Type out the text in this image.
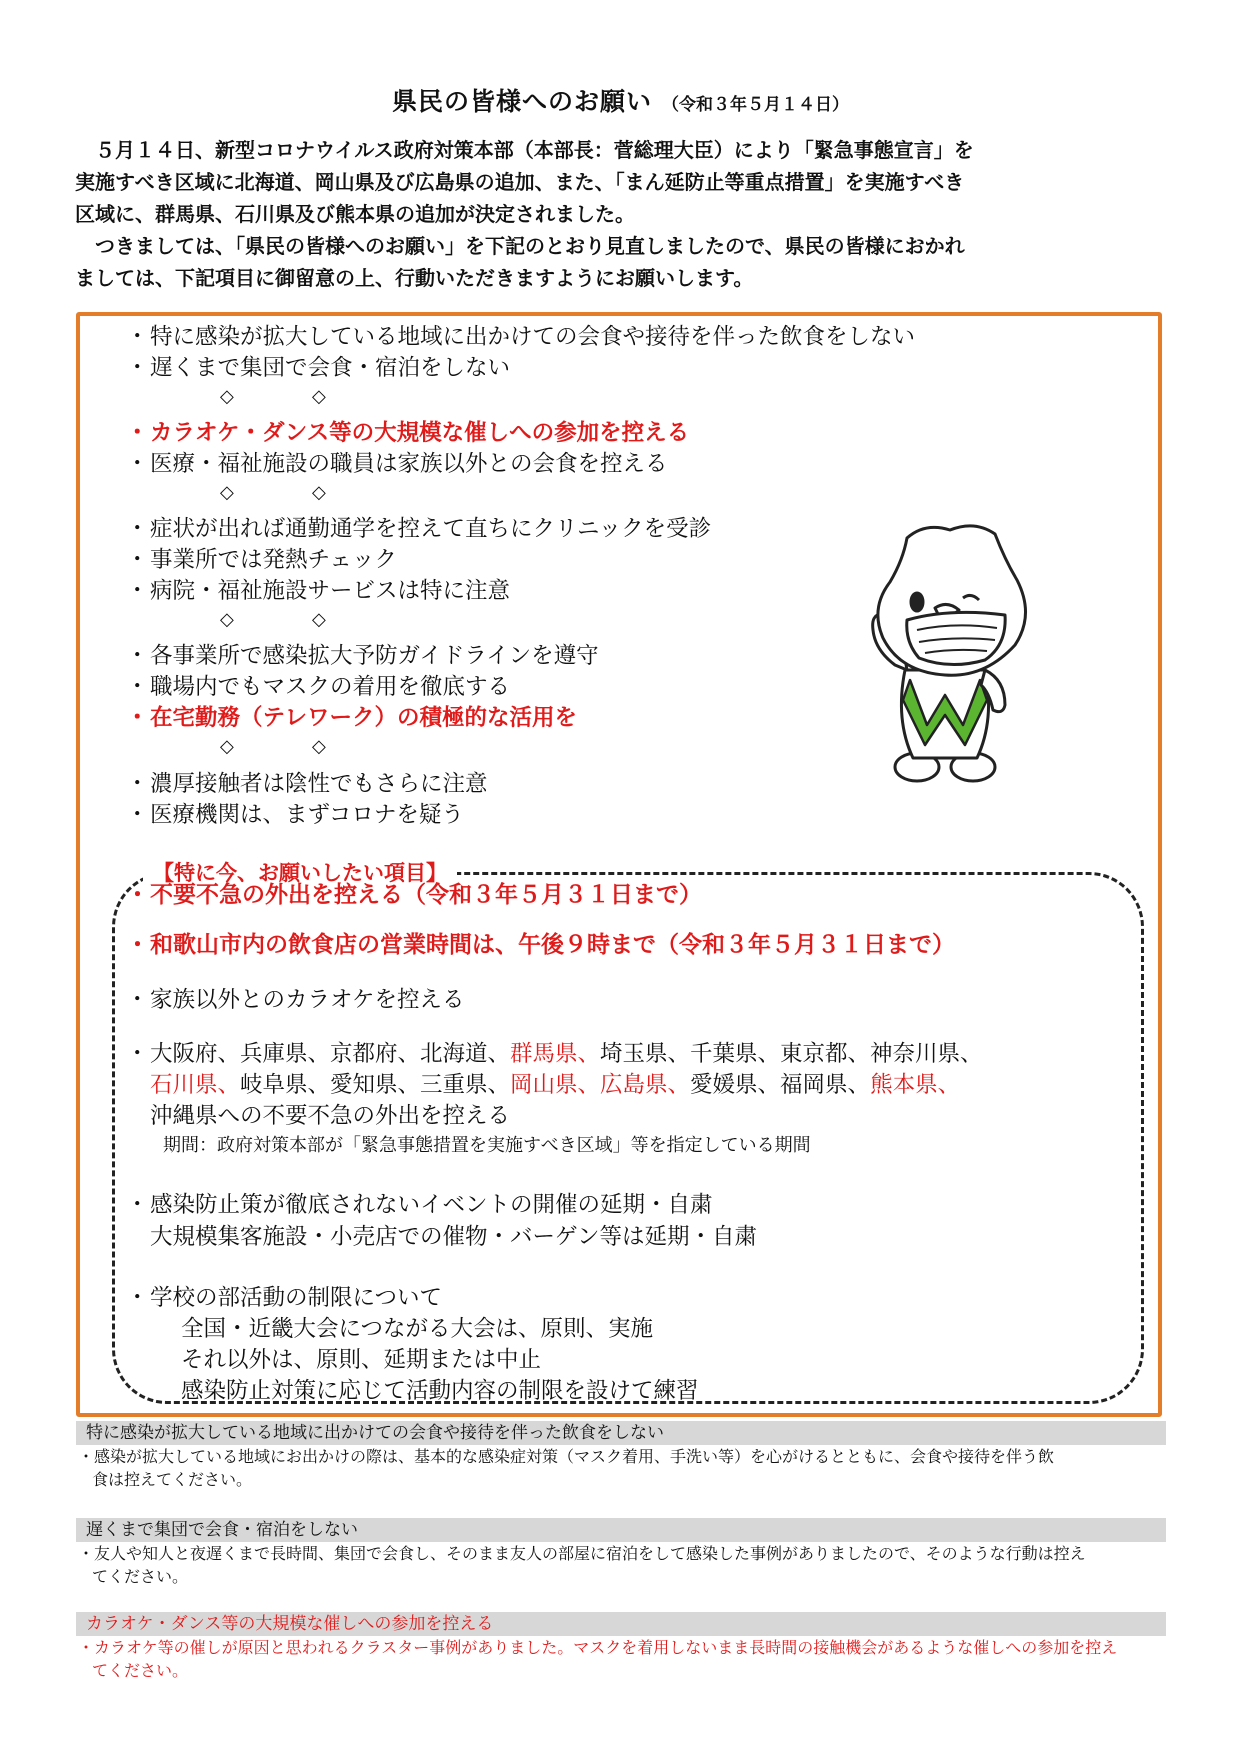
県民の皆様へのお願い （令和３年５月１４日）

　５月１４日、新型コロナウイルス政府対策本部（本部長：菅総理大臣）により「緊急事態宣言」を

実施すべき区域に北海道、岡山県及び広島県の追加、また、「まん延防止等重点措置」を実施すべき

区域に、群馬県、石川県及び熊本県の追加が決定されました。

　つきましては、「県民の皆様へのお願い」を下記のとおり見直しましたので、県民の皆様におかれ

ましては、下記項目に御留意の上、行動いただきますようにお願いします。

・特に感染が拡大している地域に出かけての会食や接待を伴った飲食をしない
・遅くまで集団で会食・宿泊をしない
◇	◇
・カラオケ・ダンス等の大規模な催しへの参加を控える
・医療・福祉施設の職員は家族以外との会食を控える
◇	◇
・症状が出れば通勤通学を控えて直ちにクリニックを受診
・事業所では発熱チェック
・病院・福祉施設サービスは特に注意
◇	◇
・各事業所で感染拡大予防ガイドラインを遵守
・職場内でもマスクの着用を徹底する
・在宅勤務（テレワーク）の積極的な活用を
◇	◇
・濃厚接触者は陰性でもさらに注意
・医療機関は、まずコロナを疑う
【特に今、お願いしたい項目】
・不要不急の外出を控える（令和３年５月３１日まで）
・和歌山市内の飲食店の営業時間は、午後９時まで（令和３年５月３１日まで）
・家族以外とのカラオケを控える
・大阪府、兵庫県、京都府、北海道、群馬県、埼玉県、千葉県、東京都、神奈川県、
石川県、岐阜県、愛知県、三重県、岡山県、広島県、愛媛県、福岡県、熊本県、
沖縄県への不要不急の外出を控える
期間：政府対策本部が「緊急事態措置を実施すべき区域」等を指定している期間
・感染防止策が徹底されないイベントの開催の延期・自粛
大規模集客施設・小売店での催物・バーゲン等は延期・自粛
・学校の部活動の制限について
全国・近畿大会につながる大会は、原則、実施
それ以外は、原則、延期または中止
感染防止対策に応じて活動内容の制限を設けて練習
特に感染が拡大している地域に出かけての会食や接待を伴った飲食をしない
・感染が拡大している地域にお出かけの際は、基本的な感染症対策（マスク着用、手洗い等）を心がけるとともに、会食や接待を伴う飲
食は控えてください。
遅くまで集団で会食・宿泊をしない
・友人や知人と夜遅くまで長時間、集団で会食し、そのまま友人の部屋に宿泊をして感染した事例がありましたので、そのような行動は控え
てください。
カラオケ・ダンス等の大規模な催しへの参加を控える
・カラオケ等の催しが原因と思われるクラスター事例がありました。マスクを着用しないまま長時間の接触機会があるような催しへの参加を控え
てください。
